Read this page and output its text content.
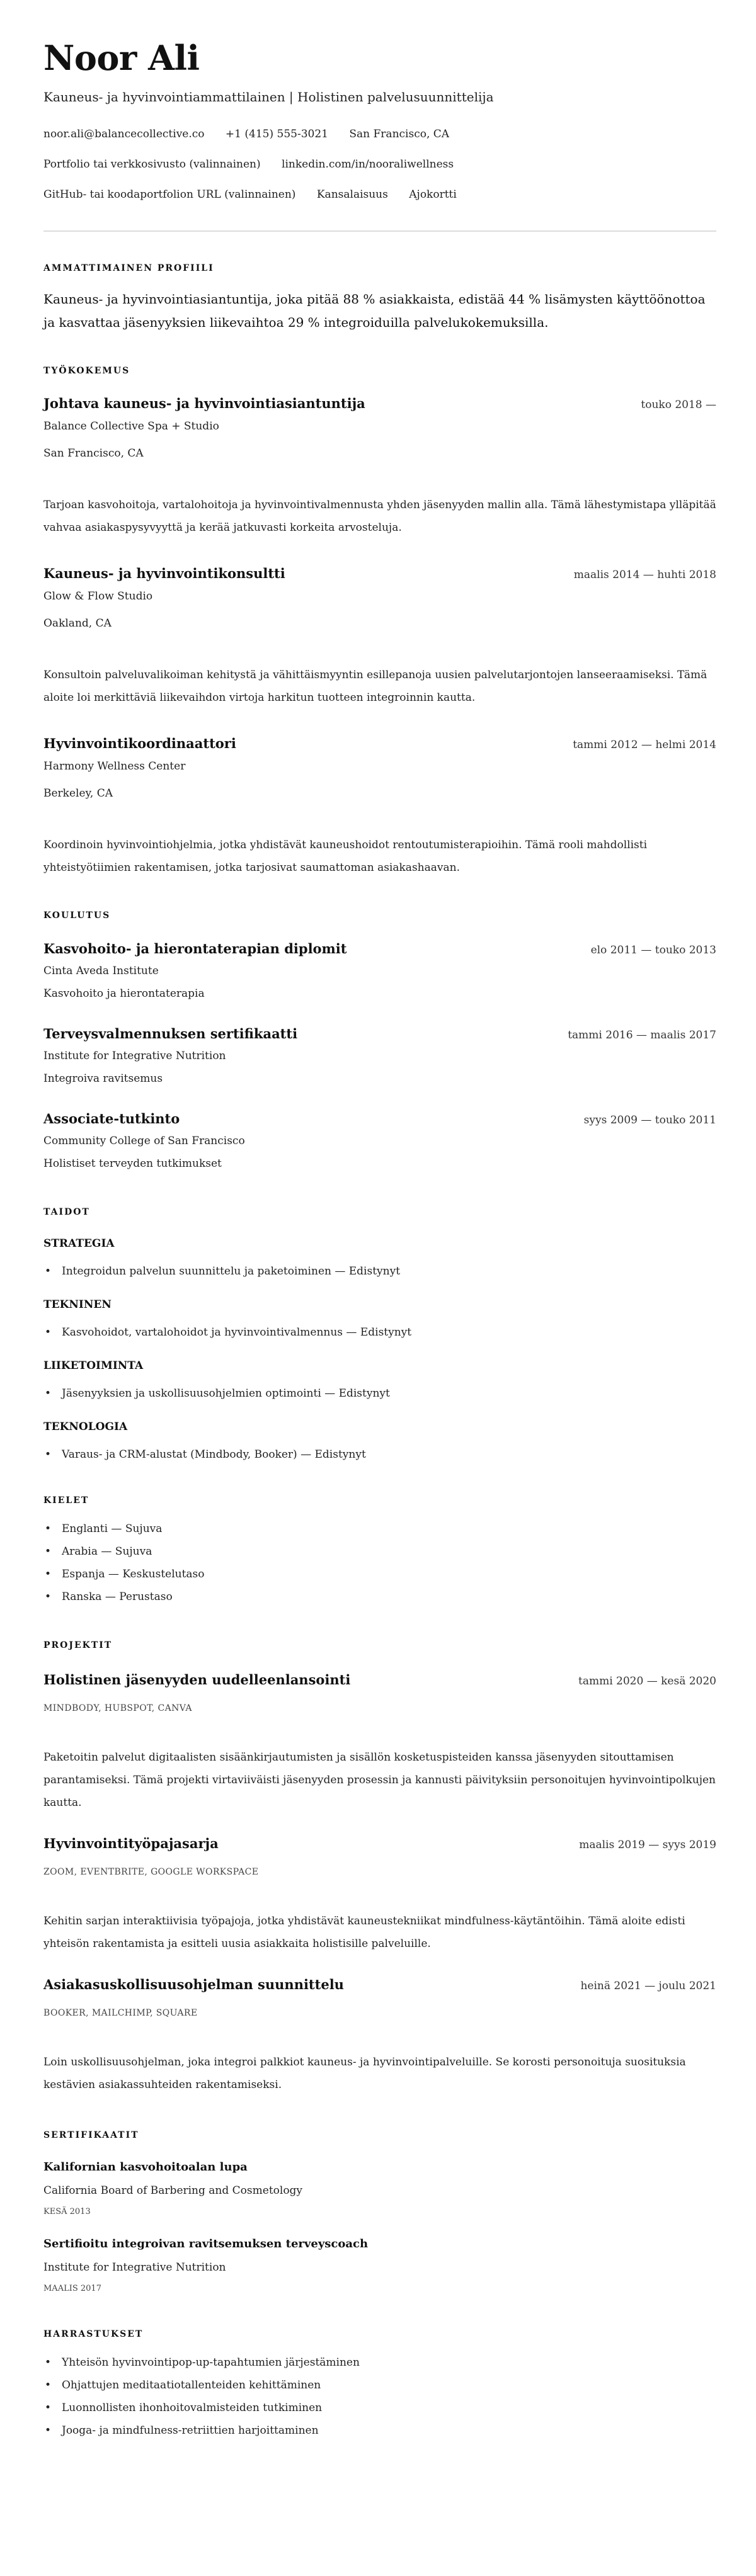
Noor Ali
Kauneus- ja hyvinvointiammattilainen | Holistinen palvelusuunnittelija
noor.ali@balancecollective.co +1 (415) 555-3021 San Francisco, CA
Portfolio tai verkkosivusto (valinnainen) linkedin.com/in/nooraliwellness
GitHub- tai koodaportfolion URL (valinnainen) Kansalaisuus Ajokortti
AMMATTIMAINEN PROFIILI

Kauneus- ja hyvinvointiasiantuntija, joka pitää 88 % asiakkaista, edistää 44 % lisämysten käyttöönottoa ja kasvattaa jäsenyyksien liikevaihtoa 29 % integroiduilla palvelukokemuksilla.

TYÖKOKEMUS
Johtava kauneus- ja hyvinvointiasiantuntija	touko 2018 —
Balance Collective Spa + Studio
San Francisco, CA
Tarjoan kasvohoitoja, vartalohoitoja ja hyvinvointivalmennusta yhden jäsenyyden mallin alla. Tämä lähestymistapa ylläpitää vahvaa asiakaspysyvyyttä ja kerää jatkuvasti korkeita arvosteluja.
Kauneus- ja hyvinvointikonsultti	maalis 2014 — huhti 2018
Glow & Flow Studio
Oakland, CA
Konsultoin palveluvalikoiman kehitystä ja vähittäismyyntin esillepanoja uusien palvelutarjontojen lanseeraamiseksi. Tämä aloite loi merkittäviä liikevaihdon virtoja harkitun tuotteen integroinnin kautta.
Hyvinvointikoordinaattori	tammi 2012 — helmi 2014
Harmony Wellness Center
Berkeley, CA
Koordinoin hyvinvointiohjelmia, jotka yhdistävät kauneushoidot rentoutumisterapioihin. Tämä rooli mahdollisti yhteistyötiimien rakentamisen, jotka tarjosivat saumattoman asiakashaavan.
KOULUTUS
Kasvohoito- ja hierontaterapian diplomit	elo 2011 — touko 2013
Cinta Aveda Institute
Kasvohoito ja hierontaterapia
Terveysvalmennuksen sertifikaatti	tammi 2016 — maalis 2017
Institute for Integrative Nutrition
Integroiva ravitsemus
Associate-tutkinto	syys 2009 — touko 2011
Community College of San Francisco
Holistiset terveyden tutkimukset
TAIDOT
STRATEGIA
• Integroidun palvelun suunnittelu ja paketoiminen — Edistynyt
TEKNINEN
• Kasvohoidot, vartalohoidot ja hyvinvointivalmennus — Edistynyt
LIIKETOIMINTA
• Jäsenyyksien ja uskollisuusohjelmien optimointi — Edistynyt
TEKNOLOGIA
• Varaus- ja CRM-alustat (Mindbody, Booker) — Edistynyt
KIELET
• Englanti — Sujuva
• Arabia — Sujuva
• Espanja — Keskustelutaso
• Ranska — Perustaso
PROJEKTIT
Holistinen jäsenyyden uudelleenlansointi	tammi 2020 — kesä 2020
MINDBODY, HUBSPOT, CANVA
Paketoitin palvelut digitaalisten sisäänkirjautumisten ja sisällön kosketuspisteiden kanssa jäsenyyden sitouttamisen parantamiseksi. Tämä projekti virtaviiväisti jäsenyyden prosessin ja kannusti päivityksiin personoitujen hyvinvointipolkujen kautta.
Hyvinvointityöpajasarja	maalis 2019 — syys 2019
ZOOM, EVENTBRITE, GOOGLE WORKSPACE
Kehitin sarjan interaktiivisia työpajoja, jotka yhdistävät kauneustekniikat mindfulness-käytäntöihin. Tämä aloite edisti yhteisön rakentamista ja esitteli uusia asiakkaita holistisille palveluille.
Asiakasuskollisuusohjelman suunnittelu	heinä 2021 — joulu 2021
BOOKER, MAILCHIMP, SQUARE
Loin uskollisuusohjelman, joka integroi palkkiot kauneus- ja hyvinvointipalveluille. Se korosti personoituja suosituksia kestävien asiakassuhteiden rakentamiseksi.
SERTIFIKAATIT
Kalifornian kasvohoitoalan lupa
California Board of Barbering and Cosmetology
KESÄ 2013
Sertifioitu integroivan ravitsemuksen terveyscoach
Institute for Integrative Nutrition
MAALIS 2017
HARRASTUKSET
• Yhteisön hyvinvointipop-up-tapahtumien järjestäminen
• Ohjattujen meditaatiotallenteiden kehittäminen
• Luonnollisten ihonhoitovalmisteiden tutkiminen
• Jooga- ja mindfulness-retriittien harjoittaminen
